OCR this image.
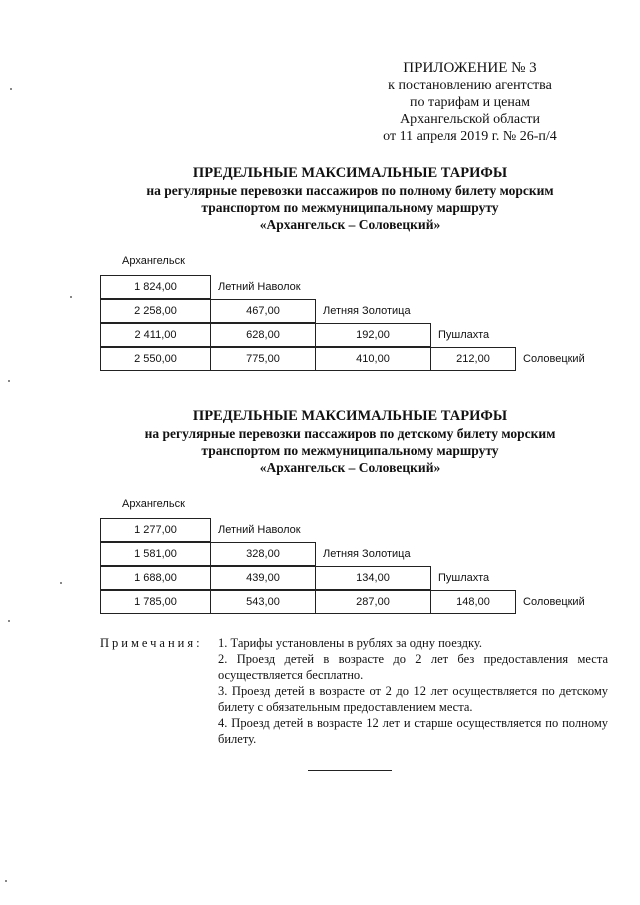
ПРИЛОЖЕНИЕ № 3
к постановлению агентства
по тарифам и ценам
Архангельской области
от 11 апреля 2019 г. № 26-п/4
ПРЕДЕЛЬНЫЕ МАКСИМАЛЬНЫЕ ТАРИФЫ
на регулярные перевозки пассажиров по полному билету морским
транспортом по межмуниципальному маршруту
«Архангельск – Соловецкий»
Архангельск
1 824,00	Летний Наволок
2 258,00	467,00	Летняя Золотица
2 411,00	628,00	192,00	Пушлахта
2 550,00	775,00	410,00	212,00	Соловецкий
ПРЕДЕЛЬНЫЕ МАКСИМАЛЬНЫЕ ТАРИФЫ
на регулярные перевозки пассажиров по детскому билету морским
транспортом по межмуниципальному маршруту
«Архангельск – Соловецкий»
Архангельск
1 277,00	Летний Наволок
1 581,00	328,00	Летняя Золотица
1 688,00	439,00	134,00	Пушлахта
1 785,00	543,00	287,00	148,00	Соловецкий
Примечания: 1. Тарифы установлены в рублях за одну поездку.
2. Проезд детей в возрасте до 2 лет без предоставления места осуществляется бесплатно.
3. Проезд детей в возрасте от 2 до 12 лет осуществляется по детскому билету с обязательным предоставлением места.
4. Проезд детей в возрасте 12 лет и старше осуществляется по полному билету.
